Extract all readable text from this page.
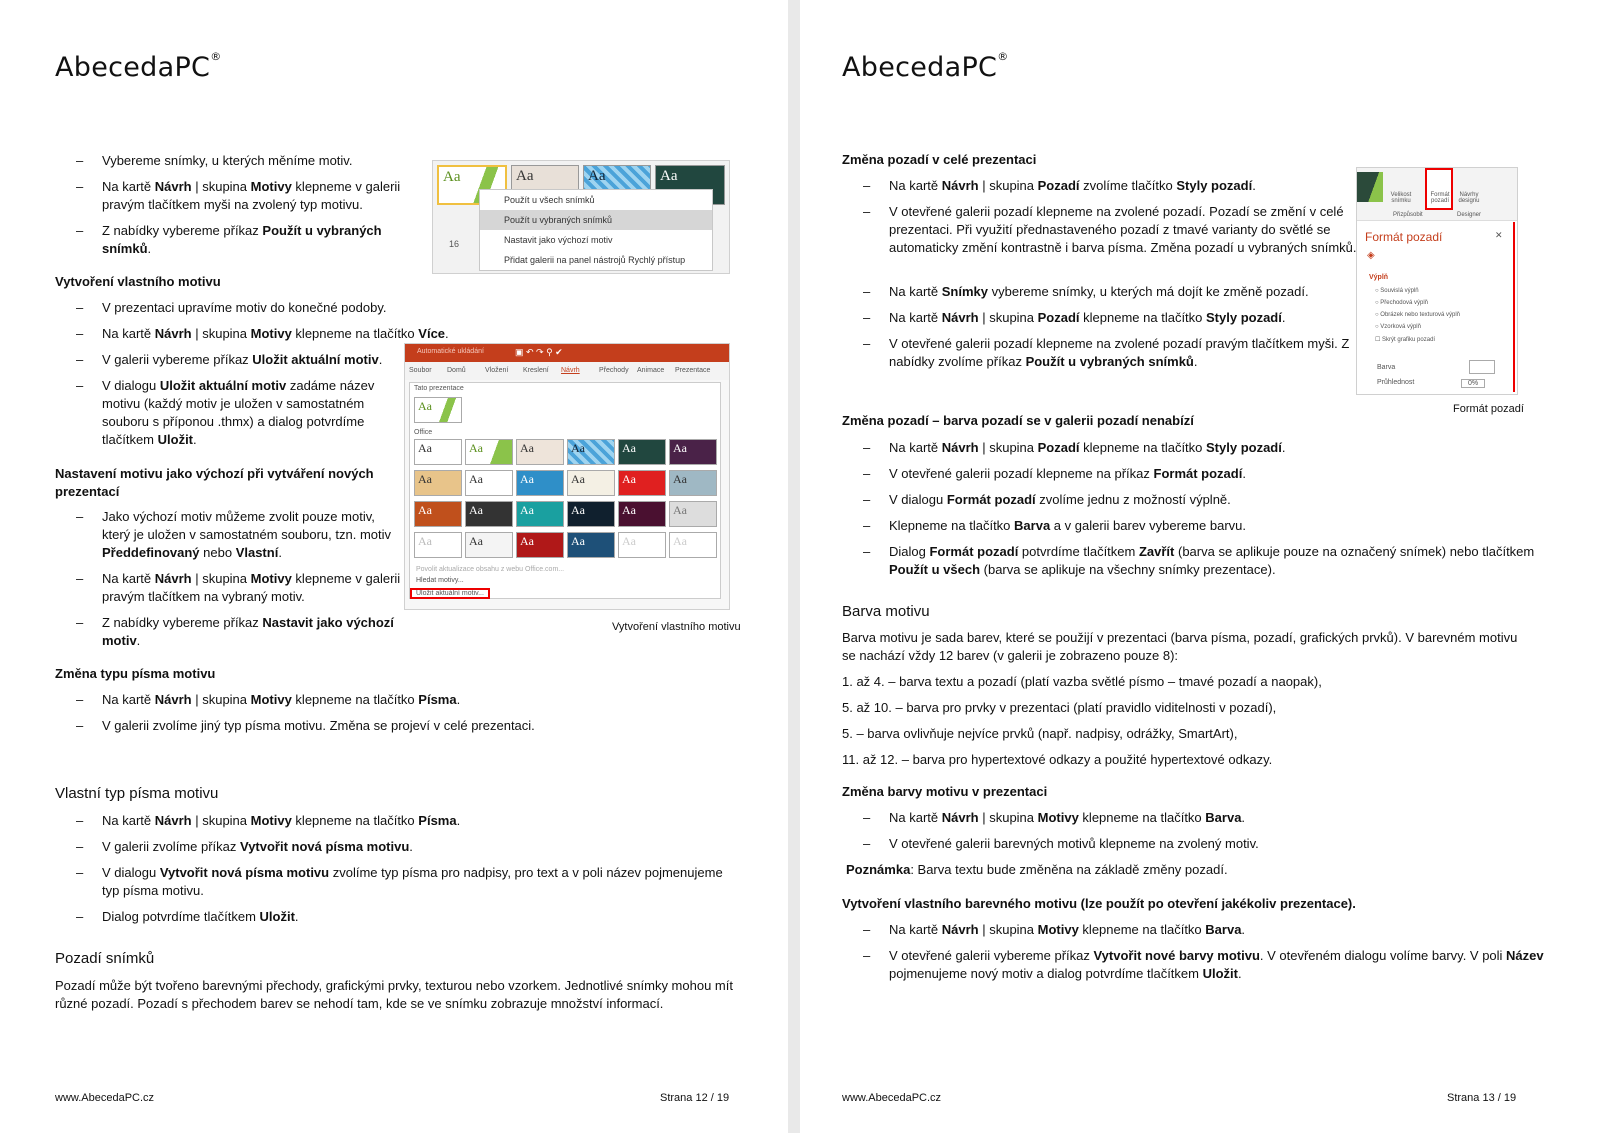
AbecedaPC®
– Vybereme snímky, u kterých měníme motiv.
– Na kartě Návrh | skupina Motivy klepneme v galerii pravým tlačítkem myši na zvolený typ motivu.
– Z nabídky vybereme příkaz Použít u vybraných snímků.
Vytvoření vlastního motivu
– V prezentaci upravíme motiv do konečné podoby.
– Na kartě Návrh | skupina Motivy klepneme na tlačítko Více.
– V galerii vybereme příkaz Uložit aktuální motiv.
– V dialogu Uložit aktuální motiv zadáme název motivu (každý motiv je uložen v samostatném souboru s příponou .thmx) a dialog potvrdíme tlačítkem Uložit.
Nastavení motivu jako výchozí při vytváření nových prezentací
– Jako výchozí motiv můžeme zvolit pouze motiv, který je uložen v samostatném souboru, tzn. motiv Předdefinovaný nebo Vlastní.
– Na kartě Návrh | skupina Motivy klepneme v galerii pravým tlačítkem na vybraný motiv.
– Z nabídky vybereme příkaz Nastavit jako výchozí motiv.
Změna typu písma motivu
– Na kartě Návrh | skupina Motivy klepneme na tlačítko Písma.
– V galerii zvolíme jiný typ písma motivu. Změna se projeví v celé prezentaci.
Vlastní typ písma motivu
– Na kartě Návrh | skupina Motivy klepneme na tlačítko Písma.
– V galerii zvolíme příkaz Vytvořit nová písma motivu.
– V dialogu Vytvořit nová písma motivu zvolíme typ písma pro nadpisy, pro text a v poli název pojmenujeme typ písma motivu.
– Dialog potvrdíme tlačítkem Uložit.
Pozadí snímků
Pozadí může být tvořeno barevnými přechody, grafickými prvky, texturou nebo vzorkem. Jednotlivé snímky mohou mít různé pozadí. Pozadí s přechodem barev se nehodí tam, kde se ve snímku zobrazuje množství informací.
Aa	Aa	Aa	Aa
16
Použít u všech snímků
Použít u vybraných snímků
Nastavit jako výchozí motiv
Přidat galerii na panel nástrojů Rychlý přístup
Automatické ukládání	▣ ↶ ↷ ⚲ ✔
Soubor Domů	Vložení Kreslení Návrh	Přechody Animace Prezentace
Tato prezentace
Aa
Office
Aa	Aa	Aa	Aa	Aa	Aa
Aa	Aa	Aa	Aa	Aa	Aa
Aa	Aa	Aa	Aa	Aa	Aa
Aa	Aa	Aa	Aa	Aa	Aa
Povolit aktualizace obsahu z webu Office.com...
Hledat motivy...
Uložit aktuální motiv...
Vytvoření vlastního motivu
www.AbecedaPC.cz	Strana 12 / 19
AbecedaPC®
Změna pozadí v celé prezentaci
– Na kartě Návrh | skupina Pozadí zvolíme tlačítko Styly pozadí.
– V otevřené galerii pozadí klepneme na zvolené pozadí. Pozadí se změní v celé prezentaci. Při využití přednastaveného pozadí z tmavé varianty do světlé se automaticky změní kontrastně i barva písma. Změna pozadí u vybraných snímků.
– Na kartě Snímky vybereme snímky, u kterých má dojít ke změně pozadí.
– Na kartě Návrh | skupina Pozadí klepneme na tlačítko Styly pozadí.
– V otevřené galerii pozadí klepneme na zvolené pozadí pravým tlačítkem myši. Z nabídky zvolíme příkaz Použít u vybraných snímků.
Změna pozadí – barva pozadí se v galerii pozadí nenabízí
– Na kartě Návrh | skupina Pozadí klepneme na tlačítko Styly pozadí.
– V otevřené galerii pozadí klepneme na příkaz Formát pozadí.
– V dialogu Formát pozadí zvolíme jednu z možností výplně.
– Klepneme na tlačítko Barva a v galerii barev vybereme barvu.
– Dialog Formát pozadí potvrdíme tlačítkem Zavřít (barva se aplikuje pouze na označený snímek) nebo tlačítkem Použít u všech (barva se aplikuje na všechny snímky prezentace).
Barva motivu
Barva motivu je sada barev, které se použijí v prezentaci (barva písma, pozadí, grafických prvků). V barevném motivu se nachází vždy 12 barev (v galerii je zobrazeno pouze 8):
1. až 4. – barva textu a pozadí (platí vazba světlé písmo – tmavé pozadí a naopak),
5. až 10. – barva pro prvky v prezentaci (platí pravidlo viditelnosti v pozadí),
5. – barva ovlivňuje nejvíce prvků (např. nadpisy, odrážky, SmartArt),
11. až 12. – barva pro hypertextové odkazy a použité hypertextové odkazy.
Změna barvy motivu v prezentaci
– Na kartě Návrh | skupina Motivy klepneme na tlačítko Barva.
– V otevřené galerii barevných motivů klepneme na zvolený motiv.
Poznámka: Barva textu bude změněna na základě změny pozadí.
Vytvoření vlastního barevného motivu (lze použít po otevření jakékoliv prezentace).
– Na kartě Návrh | skupina Motivy klepneme na tlačítko Barva.
– V otevřené galerii vybereme příkaz Vytvořit nové barvy motivu. V otevřeném dialogu volíme barvy. V poli Název pojmenujeme nový motiv a dialog potvrdíme tlačítkem Uložit.
Velikost snímku
Formát pozadí
Návrhy designu
Přizpůsobit	Designer
Formát pozadí	✕
◈
Výplň
○ Souvislá výplň
○ Přechodová výplň
○ Obrázek nebo texturová výplň
○ Vzorková výplň
☐ Skrýt grafiku pozadí
Barva
Průhlednost	0%
Formát pozadí
www.AbecedaPC.cz	Strana 13 / 19
